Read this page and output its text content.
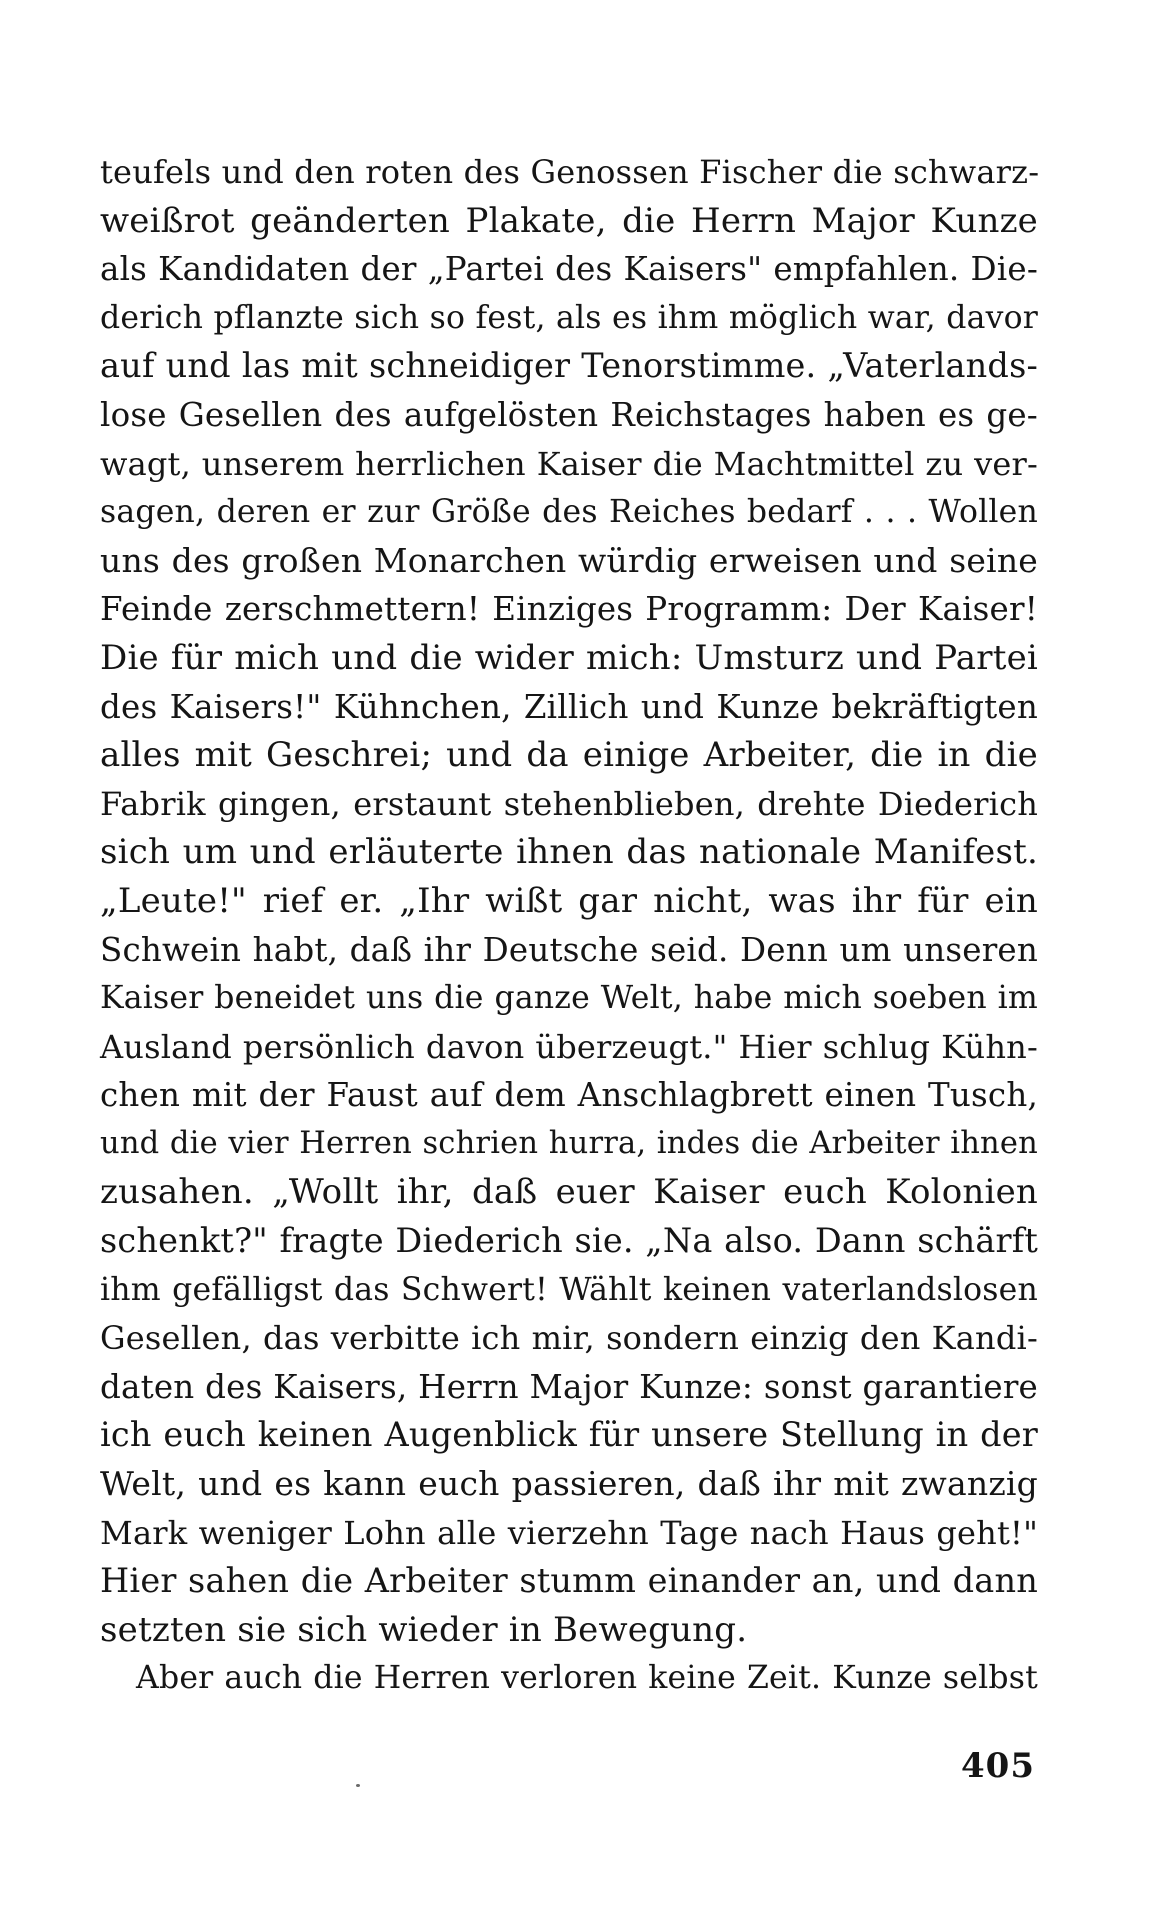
teufels und den roten des Genossen Fischer die schwarz-
weißrot geänderten Plakate, die Herrn Major Kunze
als Kandidaten der „Partei des Kaisers" empfahlen. Die-
derich pflanzte sich so fest, als es ihm möglich war, davor
auf und las mit schneidiger Tenorstimme. „Vaterlands-
lose Gesellen des aufgelösten Reichstages haben es ge-
wagt, unserem herrlichen Kaiser die Machtmittel zu ver-
sagen, deren er zur Größe des Reiches bedarf . . . Wollen
uns des großen Monarchen würdig erweisen und seine
Feinde zerschmettern! Einziges Programm: Der Kaiser!
Die für mich und die wider mich: Umsturz und Partei
des Kaisers!" Kühnchen, Zillich und Kunze bekräftigten
alles mit Geschrei; und da einige Arbeiter, die in die
Fabrik gingen, erstaunt stehenblieben, drehte Diederich
sich um und erläuterte ihnen das nationale Manifest.
„Leute!" rief er. „Ihr wißt gar nicht, was ihr für ein
Schwein habt, daß ihr Deutsche seid. Denn um unseren
Kaiser beneidet uns die ganze Welt, habe mich soeben im
Ausland persönlich davon überzeugt." Hier schlug Kühn-
chen mit der Faust auf dem Anschlagbrett einen Tusch,
und die vier Herren schrien hurra, indes die Arbeiter ihnen
zusahen. „Wollt ihr, daß euer Kaiser euch Kolonien
schenkt?" fragte Diederich sie. „Na also. Dann schärft
ihm gefälligst das Schwert! Wählt keinen vaterlandslosen
Gesellen, das verbitte ich mir, sondern einzig den Kandi-
daten des Kaisers, Herrn Major Kunze: sonst garantiere
ich euch keinen Augenblick für unsere Stellung in der
Welt, und es kann euch passieren, daß ihr mit zwanzig
Mark weniger Lohn alle vierzehn Tage nach Haus geht!"
Hier sahen die Arbeiter stumm einander an, und dann
setzten sie sich wieder in Bewegung.
Aber auch die Herren verloren keine Zeit. Kunze selbst
405
